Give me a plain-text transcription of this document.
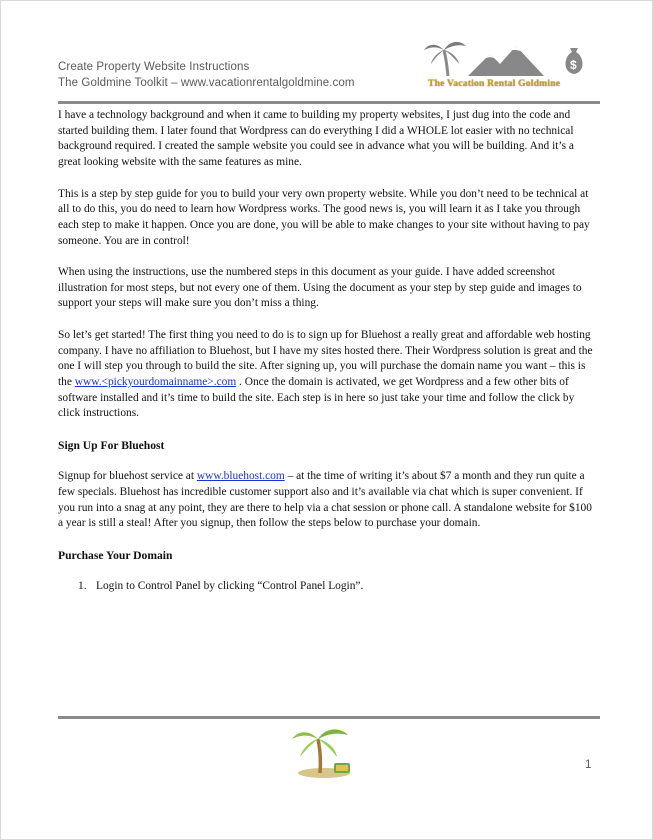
Create Property Website Instructions
The Goldmine Toolkit – www.vacationrentalgoldmine.com
$
The Vacation Rental Goldmine

I have a technology background and when it came to building my property websites, I just dug into the code and started building them. I later found that Wordpress can do everything I did a WHOLE lot easier with no technical background required. I created the sample website you could see in advance what you will be building. And it’s a great looking website with the same features as mine.

This is a step by step guide for you to build your very own property website. While you don’t need to be technical at all to do this, you do need to learn how Wordpress works. The good news is, you will learn it as I take you through each step to make it happen. Once you are done, you will be able to make changes to your site without having to pay someone. You are in control!

When using the instructions, use the numbered steps in this document as your guide. I have added screenshot illustration for most steps, but not every one of them. Using the document as your step by step guide and images to support your steps will make sure you don’t miss a thing.

So let’s get started! The first thing you need to do is to sign up for Bluehost a really great and affordable web hosting company. I have no affiliation to Bluehost, but I have my sites hosted there. Their Wordpress solution is great and the one I will step you through to build the site. After signing up, you will purchase the domain name you want – this is the www.<pickyourdomainname>.com . Once the domain is activated, we get Wordpress and a few other bits of software installed and it’s time to build the site. Each step is in here so just take your time and follow the click by click instructions.

Sign Up For Bluehost

Signup for bluehost service at www.bluehost.com – at the time of writing it’s about $7 a month and they run quite a few specials. Bluehost has incredible customer support also and it’s available via chat which is super convenient. If you run into a snag at any point, they are there to help via a chat session or phone call. A standalone website for $100 a year is still a steal! After you signup, then follow the steps below to purchase your domain.

Purchase Your Domain
1. Login to Control Panel by clicking “Control Panel Login”.
1
